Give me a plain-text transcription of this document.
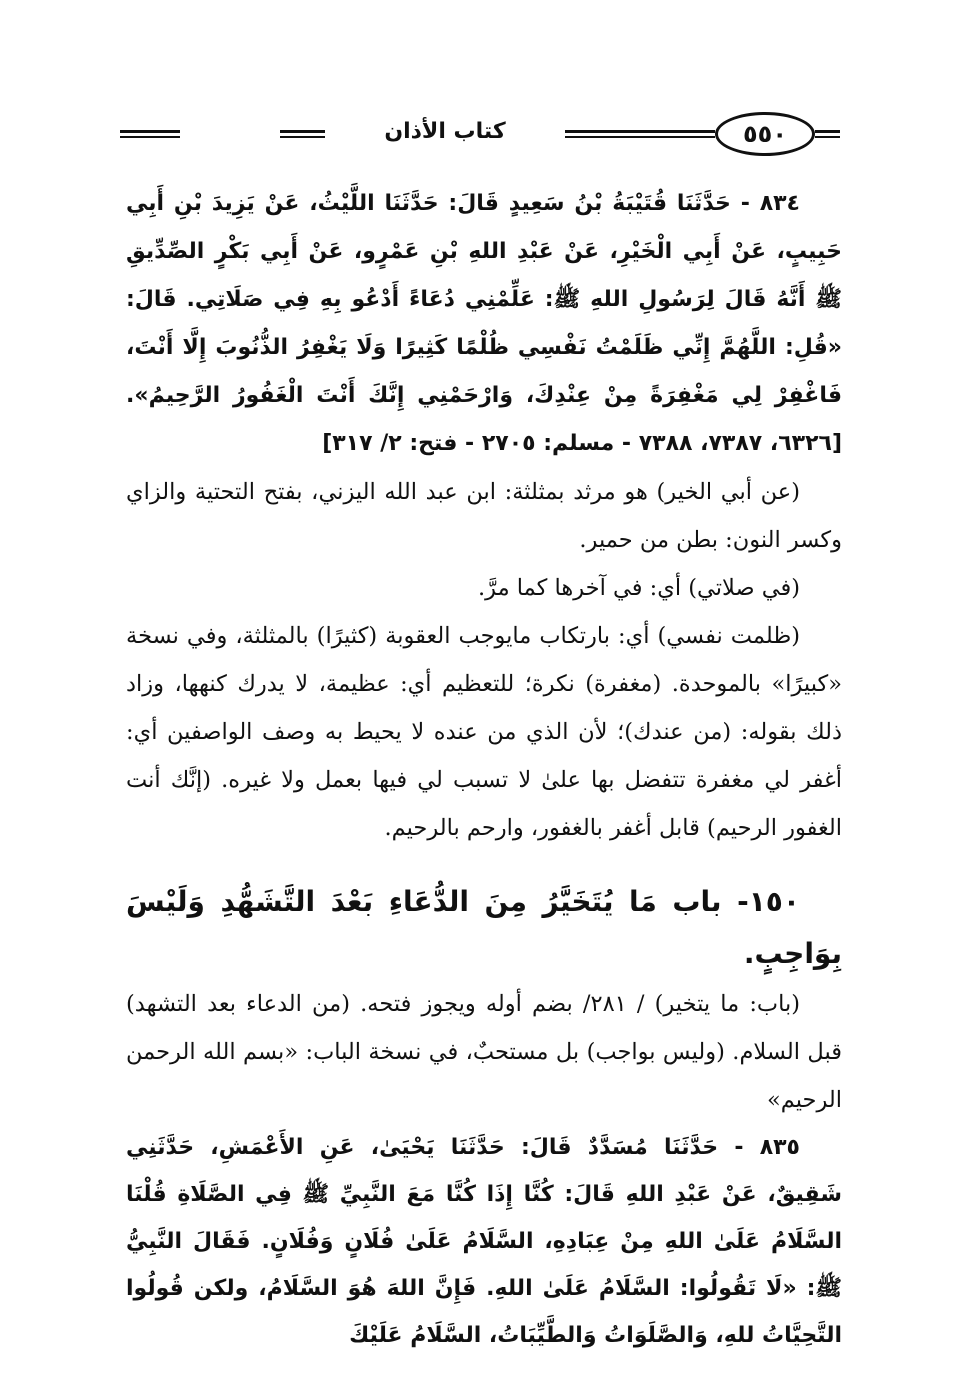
كتاب الأذان	٥٥٠

٨٣٤ - حَدَّثَنَا قُتَيْبَةُ بْنُ سَعِيدٍ قَالَ: حَدَّثَنَا اللَّيْثُ، عَنْ يَزِيدَ بْنِ أَبِي حَبِيبٍ، عَنْ أَبِي الْخَيْرِ، عَنْ عَبْدِ اللهِ بْنِ عَمْرٍو، عَنْ أَبِي بَكْرٍ الصِّدِّيقِ ﷺ أَنَّهُ قَالَ لِرَسُولِ اللهِ ﷺ: عَلِّمْنِي دُعَاءً أَدْعُو بِهِ فِي صَلَاتِي. قَالَ: «قُلِ: اللَّهُمَّ إِنِّي ظَلَمْتُ نَفْسِي ظُلْمًا كَثِيرًا وَلَا يَغْفِرُ الذُّنُوبَ إِلَّا أَنْتَ، فَاغْفِرْ لِي مَغْفِرَةً مِنْ عِنْدِكَ، وَارْحَمْنِي إِنَّكَ أَنْتَ الْغَفُورُ الرَّحِيمُ». [٦٣٢٦، ٧٣٨٧، ٧٣٨٨ - مسلم: ٢٧٠٥ - فتح: ٢/ ٣١٧]

(عن أبي الخير) هو مرثد بمثلثة: ابن عبد الله اليزني، بفتح التحتية والزاي وكسر النون: بطن من حمير.

(في صلاتي) أي: في آخرها كما مرَّ.

(ظلمت نفسي) أي: بارتكاب مايوجب العقوبة (كثيرًا) بالمثلثة، وفي نسخة «كبيرًا» بالموحدة. (مغفرة) نكرة؛ للتعظيم أي: عظيمة، لا يدرك كنهها، وزاد ذلك بقوله: (من عندك)؛ لأن الذي من عنده لا يحيط به وصف الواصفين أي: أغفر لي مغفرة تتفضل بها علىٰ لا تسبب لي فيها بعمل ولا غيره. (إنَّك أنت الغفور الرحيم) قابل أغفر بالغفور، وارحم بالرحيم.

١٥٠- باب مَا يُتَخَيَّرُ مِنَ الدُّعَاءِ بَعْدَ التَّشَهُّدِ وَلَيْسَ بِوَاجِبٍ.

(باب: ما يتخير) / ٢٨١/ بضم أوله ويجوز فتحه. (من الدعاء بعد التشهد) قبل السلام. (وليس بواجب) بل مستحبٌ، في نسخة الباب: «بسم الله الرحمن الرحيم»

٨٣٥ - حَدَّثَنَا مُسَدَّدٌ قَالَ: حَدَّثَنَا يَحْيَىٰ، عَنِ الأَعْمَشِ، حَدَّثَنِي شَقِيقٌ، عَنْ عَبْدِ اللهِ قَالَ: كُنَّا إِذَا كُنَّا مَعَ النَّبِيِّ ﷺ فِي الصَّلَاةِ قُلْنَا السَّلَامُ عَلَىٰ اللهِ مِنْ عِبَادِهِ، السَّلَامُ عَلَىٰ فُلَانٍ وَفُلَانٍ. فَقَالَ النَّبِيُّ ﷺ: «لَا تَقُولُوا: السَّلَامُ عَلَىٰ اللهِ. فَإِنَّ اللهَ هُوَ السَّلَامُ، ولكن قُولُوا التَّحِيَّاتُ للهِ، وَالصَّلَوَاتُ وَالطَّيِّبَاتُ، السَّلَامُ عَلَيْكَ
